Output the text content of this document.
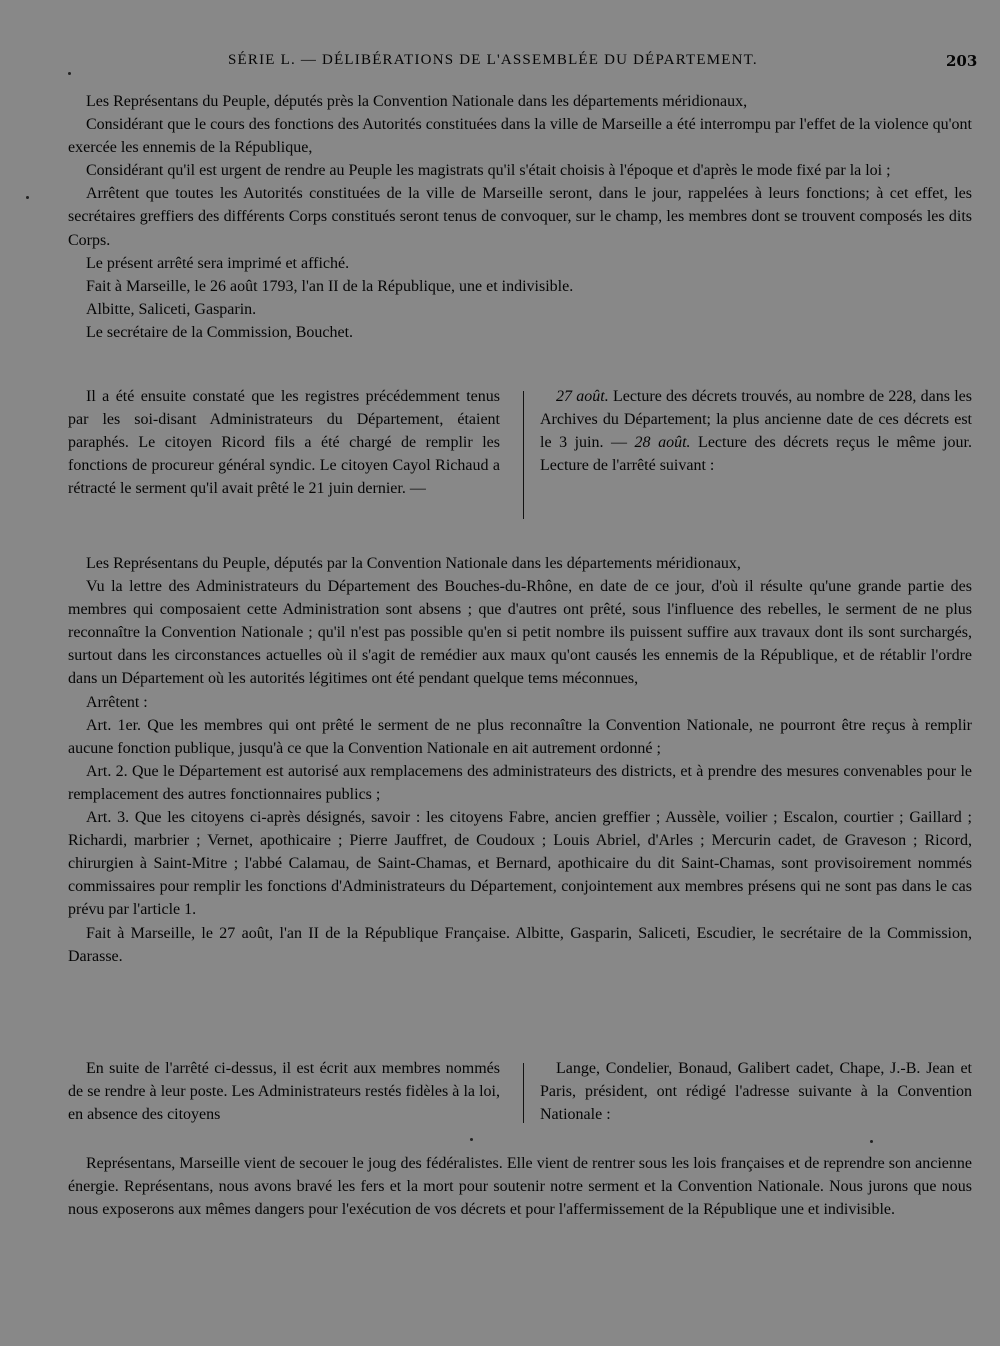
SÉRIE L. — DÉLIBÉRATIONS DE L'ASSEMBLÉE DU DÉPARTEMENT.	203

Les Représentans du Peuple, députés près la Convention Nationale dans les départements méridionaux,

Considérant que le cours des fonctions des Autorités constituées dans la ville de Marseille a été interrompu par l'effet de la violence qu'ont exercée les ennemis de la République,

Considérant qu'il est urgent de rendre au Peuple les magistrats qu'il s'était choisis à l'époque et d'après le mode fixé par la loi ;

Arrêtent que toutes les Autorités constituées de la ville de Marseille seront, dans le jour, rappelées à leurs fonctions; à cet effet, les secrétaires greffiers des différents Corps constitués seront tenus de convoquer, sur le champ, les membres dont se trouvent composés les dits Corps.

Le présent arrêté sera imprimé et affiché.

Fait à Marseille, le 26 août 1793, l'an II de la République, une et indivisible.

Albitte, Saliceti, Gasparin.

Le secrétaire de la Commission, Bouchet.

Il a été ensuite constaté que les registres précédemment tenus par les soi-disant Administrateurs du Département, étaient paraphés. Le citoyen Ricord fils a été chargé de remplir les fonctions de procureur général syndic. Le citoyen Cayol Richaud a rétracté le serment qu'il avait prêté le 21 juin dernier. —

27 août. Lecture des décrets trouvés, au nombre de 228, dans les Archives du Département; la plus ancienne date de ces décrets est le 3 juin. — 28 août. Lecture des décrets reçus le même jour. Lecture de l'arrêté suivant :

Les Représentans du Peuple, députés par la Convention Nationale dans les départements méridionaux,

Vu la lettre des Administrateurs du Département des Bouches-du-Rhône, en date de ce jour, d'où il résulte qu'une grande partie des membres qui composaient cette Administration sont absens ; que d'autres ont prêté, sous l'influence des rebelles, le serment de ne plus reconnaître la Convention Nationale ; qu'il n'est pas possible qu'en si petit nombre ils puissent suffire aux travaux dont ils sont surchargés, surtout dans les circonstances actuelles où il s'agit de remédier aux maux qu'ont causés les ennemis de la République, et de rétablir l'ordre dans un Département où les autorités légitimes ont été pendant quelque tems méconnues,

Arrêtent :

Art. 1er. Que les membres qui ont prêté le serment de ne plus reconnaître la Convention Nationale, ne pourront être reçus à remplir aucune fonction publique, jusqu'à ce que la Convention Nationale en ait autrement ordonné ;

Art. 2. Que le Département est autorisé aux remplacemens des administrateurs des districts, et à prendre des mesures convenables pour le remplacement des autres fonctionnaires publics ;

Art. 3. Que les citoyens ci-après désignés, savoir : les citoyens Fabre, ancien greffier ; Aussèle, voilier ; Escalon, courtier ; Gaillard ; Richardi, marbrier ; Vernet, apothicaire ; Pierre Jauffret, de Coudoux ; Louis Abriel, d'Arles ; Mercurin cadet, de Graveson ; Ricord, chirurgien à Saint-Mitre ; l'abbé Calamau, de Saint-Chamas, et Bernard, apothicaire du dit Saint-Chamas, sont provisoirement nommés commissaires pour remplir les fonctions d'Administrateurs du Département, conjointement aux membres présens qui ne sont pas dans le cas prévu par l'article 1.

Fait à Marseille, le 27 août, l'an II de la République Française. Albitte, Gasparin, Saliceti, Escudier, le secrétaire de la Commission, Darasse.

En suite de l'arrêté ci-dessus, il est écrit aux membres nommés de se rendre à leur poste. Les Administrateurs restés fidèles à la loi, en absence des citoyens

Lange, Condelier, Bonaud, Galibert cadet, Chape, J.-B. Jean et Paris, président, ont rédigé l'adresse suivante à la Convention Nationale :

Représentans, Marseille vient de secouer le joug des fédéralistes. Elle vient de rentrer sous les lois françaises et de reprendre son ancienne énergie. Représentans, nous avons bravé les fers et la mort pour soutenir notre serment et la Convention Nationale. Nous jurons que nous nous exposerons aux mêmes dangers pour l'exécution de vos décrets et pour l'affermissement de la République une et indivisible.
